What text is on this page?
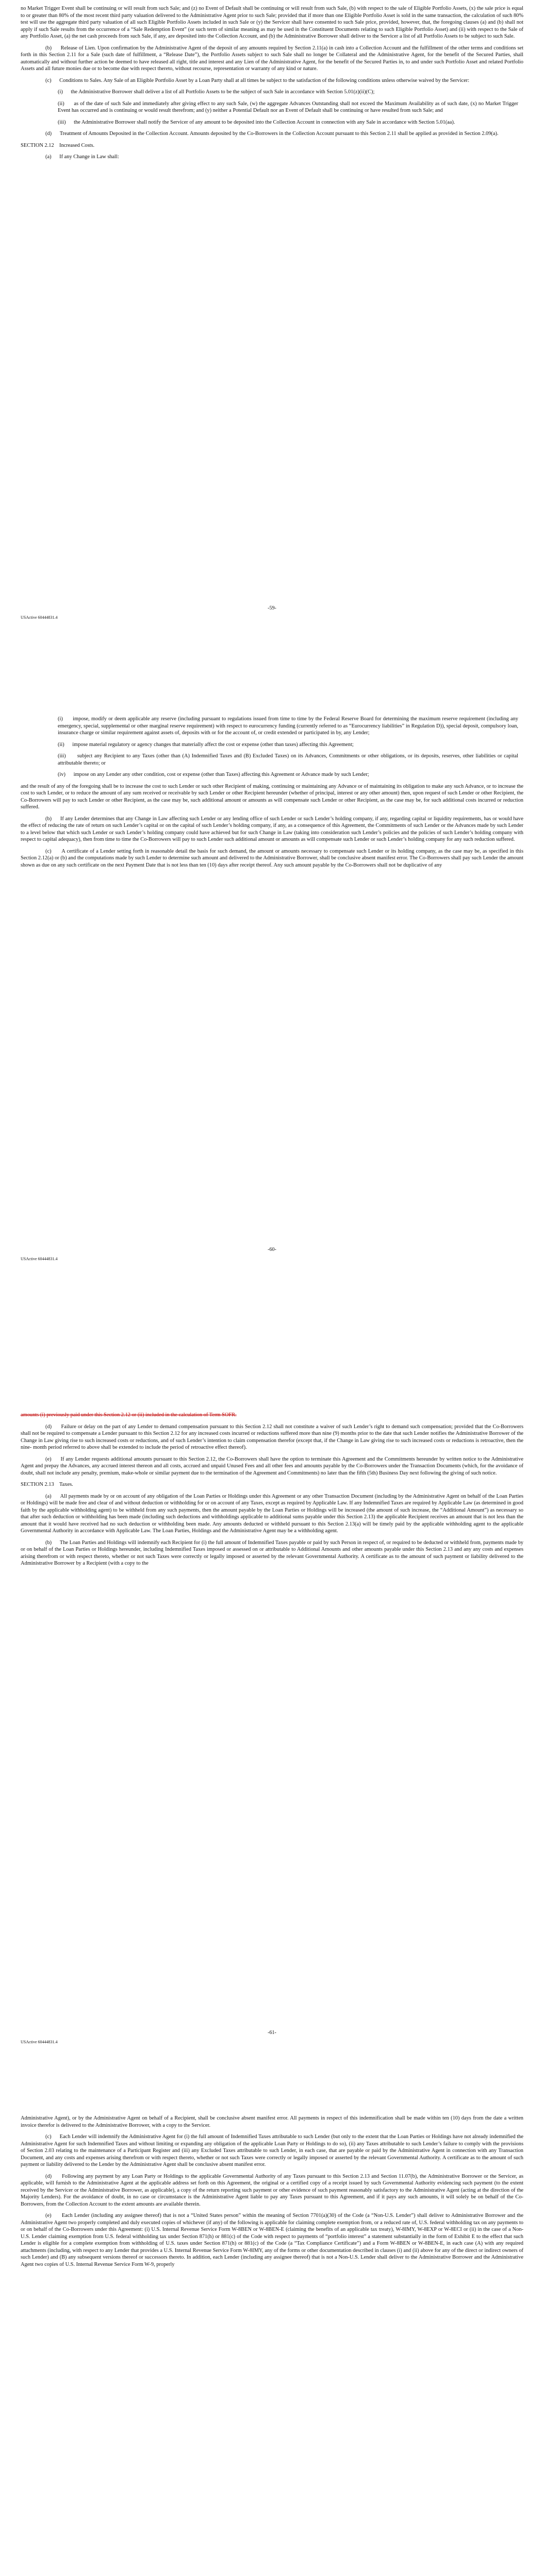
no Market Trigger Event shall be continuing or will result from such Sale; and (z) no Event of Default shall be continuing or will result from such Sale, (b) with respect to the sale of Eligible Portfolio Assets, (x) the sale price is equal to or greater than 80% of the most recent third party valuation delivered to the Administrative Agent prior to such Sale; provided that if more than one Eligible Portfolio Asset is sold in the same transaction, the calculation of such 80% test will use the aggregate third party valuation of all such Eligible Portfolio Assets included in such Sale or (y) the Servicer shall have consented to such Sale price, provided, however, that, the foregoing clauses (a) and (b) shall not apply if such Sale results from the occurrence of a “Sale Redemption Event” (or such term of similar meaning as may be used in the Constituent Documents relating to such Eligible Portfolio Asset) and (ii) with respect to the Sale of any Portfolio Asset, (a) the net cash proceeds from such Sale, if any, are deposited into the Collection Account, and (b) the Administrative Borrower shall deliver to the Servicer a list of all Portfolio Assets to be subject to such Sale.

(b)      Release of Lien. Upon confirmation by the Administrative Agent of the deposit of any amounts required by Section 2.11(a) in cash into a Collection Account and the fulfillment of the other terms and conditions set forth in this Section 2.11 for a Sale (such date of fulfillment, a “Release Date”), the Portfolio Assets subject to such Sale shall no longer be Collateral and the Administrative Agent, for the benefit of the Secured Parties, shall automatically and without further action be deemed to have released all right, title and interest and any Lien of the Administrative Agent, for the benefit of the Secured Parties in, to and under such Portfolio Asset and related Portfolio Assets and all future monies due or to become due with respect thereto, without recourse, representation or warranty of any kind or nature.

(c)      Conditions to Sales. Any Sale of an Eligible Portfolio Asset by a Loan Party shall at all times be subject to the satisfaction of the following conditions unless otherwise waived by the Servicer:

(i)      the Administrative Borrower shall deliver a list of all Portfolio Assets to be the subject of such Sale in accordance with Section 5.01(z)(ii)(C);

(ii)      as of the date of such Sale and immediately after giving effect to any such Sale, (w) the aggregate Advances Outstanding shall not exceed the Maximum Availability as of such date, (x) no Market Trigger Event has occurred and is continuing or would result therefrom; and (y) neither a Potential Default nor an Event of Default shall be continuing or have resulted from such Sale; and

(iii)      the Administrative Borrower shall notify the Servicer of any amount to be deposited into the Collection Account in connection with any Sale in accordance with Section 5.01(aa).

(d)      Treatment of Amounts Deposited in the Collection Account. Amounts deposited by the Co-Borrowers in the Collection Account pursuant to this Section 2.11 shall be applied as provided in Section 2.09(a).

SECTION 2.12    Increased Costs.

(a)      If any Change in Law shall:

-59-
USActive 60444831.4

(i)      impose, modify or deem applicable any reserve (including pursuant to regulations issued from time to time by the Federal Reserve Board for determining the maximum reserve requirement (including any emergency, special, supplemental or other marginal reserve requirement) with respect to eurocurrency funding (currently referred to as “Eurocurrency liabilities” in Regulation D)), special deposit, compulsory loan, insurance charge or similar requirement against assets of, deposits with or for the account of, or credit extended or participated in by, any Lender;

(ii)      impose material regulatory or agency changes that materially affect the cost or expense (other than taxes) affecting this Agreement;

(iii)      subject any Recipient to any Taxes (other than (A) Indemnified Taxes and (B) Excluded Taxes) on its Advances, Commitments or other obligations, or its deposits, reserves, other liabilities or capital attributable thereto; or

(iv)      impose on any Lender any other condition, cost or expense (other than Taxes) affecting this Agreement or Advance made by such Lender;

and the result of any of the foregoing shall be to increase the cost to such Lender or such other Recipient of making, continuing or maintaining any Advance or of maintaining its obligation to make any such Advance, or to increase the cost to such Lender, or to reduce the amount of any sum received or receivable by such Lender or other Recipient hereunder (whether of principal, interest or any other amount) then, upon request of such Lender or other Recipient, the Co-Borrowers will pay to such Lender or other Recipient, as the case may be, such additional amount or amounts as will compensate such Lender or other Recipient, as the case may be, for such additional costs incurred or reduction suffered.

(b)      If any Lender determines that any Change in Law affecting such Lender or any lending office of such Lender or such Lender’s holding company, if any, regarding capital or liquidity requirements, has or would have the effect of reducing the rate of return on such Lender’s capital or on the capital of such Lender’s holding company, if any, as a consequence of this Agreement, the Commitments of such Lender or the Advances made by such Lender to a level below that which such Lender or such Lender’s holding company could have achieved but for such Change in Law (taking into consideration such Lender’s policies and the policies of such Lender’s holding company with respect to capital adequacy), then from time to time the Co-Borrowers will pay to such Lender such additional amount or amounts as will compensate such Lender or such Lender’s holding company for any such reduction suffered.

(c)      A certificate of a Lender setting forth in reasonable detail the basis for such demand, the amount or amounts necessary to compensate such Lender or its holding company, as the case may be, as specified in this Section 2.12(a) or (b) and the computations made by such Lender to determine such amount and delivered to the Administrative Borrower, shall be conclusive absent manifest error. The Co-Borrowers shall pay such Lender the amount shown as due on any such certificate on the next Payment Date that is not less than ten (10) days after receipt thereof. Any such amount payable by the Co-Borrowers shall not be duplicative of any

-60-
USActive 60444831.4

amounts (i) previously paid under this Section 2.12 or (ii) included in the calculation of Term SOFR.

(d)      Failure or delay on the part of any Lender to demand compensation pursuant to this Section 2.12 shall not constitute a waiver of such Lender’s right to demand such compensation; provided that the Co-Borrowers shall not be required to compensate a Lender pursuant to this Section 2.12 for any increased costs incurred or reductions suffered more than nine (9) months prior to the date that such Lender notifies the Administrative Borrower of the Change in Law giving rise to such increased costs or reductions, and of such Lender’s intention to claim compensation therefor (except that, if the Change in Law giving rise to such increased costs or reductions is retroactive, then the nine- month period referred to above shall be extended to include the period of retroactive effect thereof).

(e)      If any Lender requests additional amounts pursuant to this Section 2.12, the Co-Borrowers shall have the option to terminate this Agreement and the Commitments hereunder by written notice to the Administrative Agent and prepay the Advances, any accrued interest thereon and all costs, accrued and unpaid Unused Fees and all other fees and amounts payable by the Co-Borrowers under the Transaction Documents (which, for the avoidance of doubt, shall not include any penalty, premium, make-whole or similar payment due to the termination of the Agreement and Commitments) no later than the fifth (5th) Business Day next following the giving of such notice.

SECTION 2.13    Taxes.

(a)      All payments made by or on account of any obligation of the Loan Parties or Holdings under this Agreement or any other Transaction Document (including by the Administrative Agent on behalf of the Loan Parties or Holdings) will be made free and clear of and without deduction or withholding for or on account of any Taxes, except as required by Applicable Law. If any Indemnified Taxes are required by Applicable Law (as determined in good faith by the applicable withholding agent) to be withheld from any such payments, then the amount payable by the Loan Parties or Holdings will be increased (the amount of such increase, the “Additional Amount”) as necessary so that after such deduction or withholding has been made (including such deductions and withholdings applicable to additional sums payable under this Section 2.13) the applicable Recipient receives an amount that is not less than the amount that it would have received had no such deduction or withholding been made. Any amounts deducted or withheld pursuant to this Section 2.13(a) will be timely paid by the applicable withholding agent to the applicable Governmental Authority in accordance with Applicable Law. The Loan Parties, Holdings and the Administrative Agent may be a withholding agent.

(b)      The Loan Parties and Holdings will indemnify each Recipient for (i) the full amount of Indemnified Taxes payable or paid by such Person in respect of, or required to be deducted or withheld from, payments made by or on behalf of the Loan Parties or Holdings hereunder, including Indemnified Taxes imposed or assessed on or attributable to Additional Amounts and other amounts payable under this Section 2.13 and any any costs and expenses arising therefrom or with respect thereto, whether or not such Taxes were correctly or legally imposed or asserted by the relevant Governmental Authority. A certificate as to the amount of such payment or liability delivered to the Administrative Borrower by a Recipient (with a copy to the

-61-
USActive 60444831.4

Administrative Agent), or by the Administrative Agent on behalf of a Recipient, shall be conclusive absent manifest error. All payments in respect of this indemnification shall be made within ten (10) days from the date a written invoice therefor is delivered to the Administrative Borrower, with a copy to the Servicer.

(c)      Each Lender will indemnify the Administrative Agent for (i) the full amount of Indemnified Taxes attributable to such Lender (but only to the extent that the Loan Parties or Holdings have not already indemnified the Administrative Agent for such Indemnified Taxes and without limiting or expanding any obligation of the applicable Loan Party or Holdings to do so), (ii) any Taxes attributable to such Lender’s failure to comply with the provisions of Section 2.03 relating to the maintenance of a Participant Register and (iii) any Excluded Taxes attributable to such Lender, in each case, that are payable or paid by the Administrative Agent in connection with any Transaction Document, and any costs and expenses arising therefrom or with respect thereto, whether or not such Taxes were correctly or legally imposed or asserted by the relevant Governmental Authority. A certificate as to the amount of such payment or liability delivered to the Lender by the Administrative Agent shall be conclusive absent manifest error.

(d)      Following any payment by any Loan Party or Holdings to the applicable Governmental Authority of any Taxes pursuant to this Section 2.13 and Section 11.07(b), the Administrative Borrower or the Servicer, as applicable, will furnish to the Administrative Agent at the applicable address set forth on this Agreement, the original or a certified copy of a receipt issued by such Governmental Authority evidencing such payment (to the extent received by the Servicer or the Administrative Borrower, as applicable), a copy of the return reporting such payment or other evidence of such payment reasonably satisfactory to the Administrative Agent (acting at the direction of the Majority Lenders). For the avoidance of doubt, in no case or circumstance is the Administrative Agent liable to pay any Taxes pursuant to this Agreement, and if it pays any such amounts, it will solely be on behalf of the Co- Borrowers, from the Collection Account to the extent amounts are available therein.

(e)      Each Lender (including any assignee thereof) that is not a “United States person” within the meaning of Section 7701(a)(30) of the Code (a “Non-U.S. Lender”) shall deliver to Administrative Borrower and the Administrative Agent two properly completed and duly executed copies of whichever (if any) of the following is applicable for claiming complete exemption from, or a reduced rate of, U.S. federal withholding tax on any payments to or on behalf of the Co-Borrowers under this Agreement: (i) U.S. Internal Revenue Service Form W-8BEN or W-8BEN-E (claiming the benefits of an applicable tax treaty), W-8IMY, W-8EXP or W-8ECI or (ii) in the case of a Non-U.S. Lender claiming exemption from U.S. federal withholding tax under Section 871(h) or 881(c) of the Code with respect to payments of “portfolio interest” a statement substantially in the form of Exhibit E to the effect that such Lender is eligible for a complete exemption from withholding of U.S. taxes under Section 871(h) or 881(c) of the Code (a “Tax Compliance Certificate”) and a Form W-8BEN or W-8BEN-E, in each case (A) with any required attachments (including, with respect to any Lender that provides a U.S. Internal Revenue Service Form W-8IMY, any of the forms or other documentation described in clauses (i) and (ii) above for any of the direct or indirect owners of such Lender) and (B) any subsequent versions thereof or successors thereto. In addition, each Lender (including any assignee thereof) that is not a Non-U.S. Lender shall deliver to the Administrative Borrower and the Administrative Agent two copies of U.S. Internal Revenue Service Form W-9, properly
